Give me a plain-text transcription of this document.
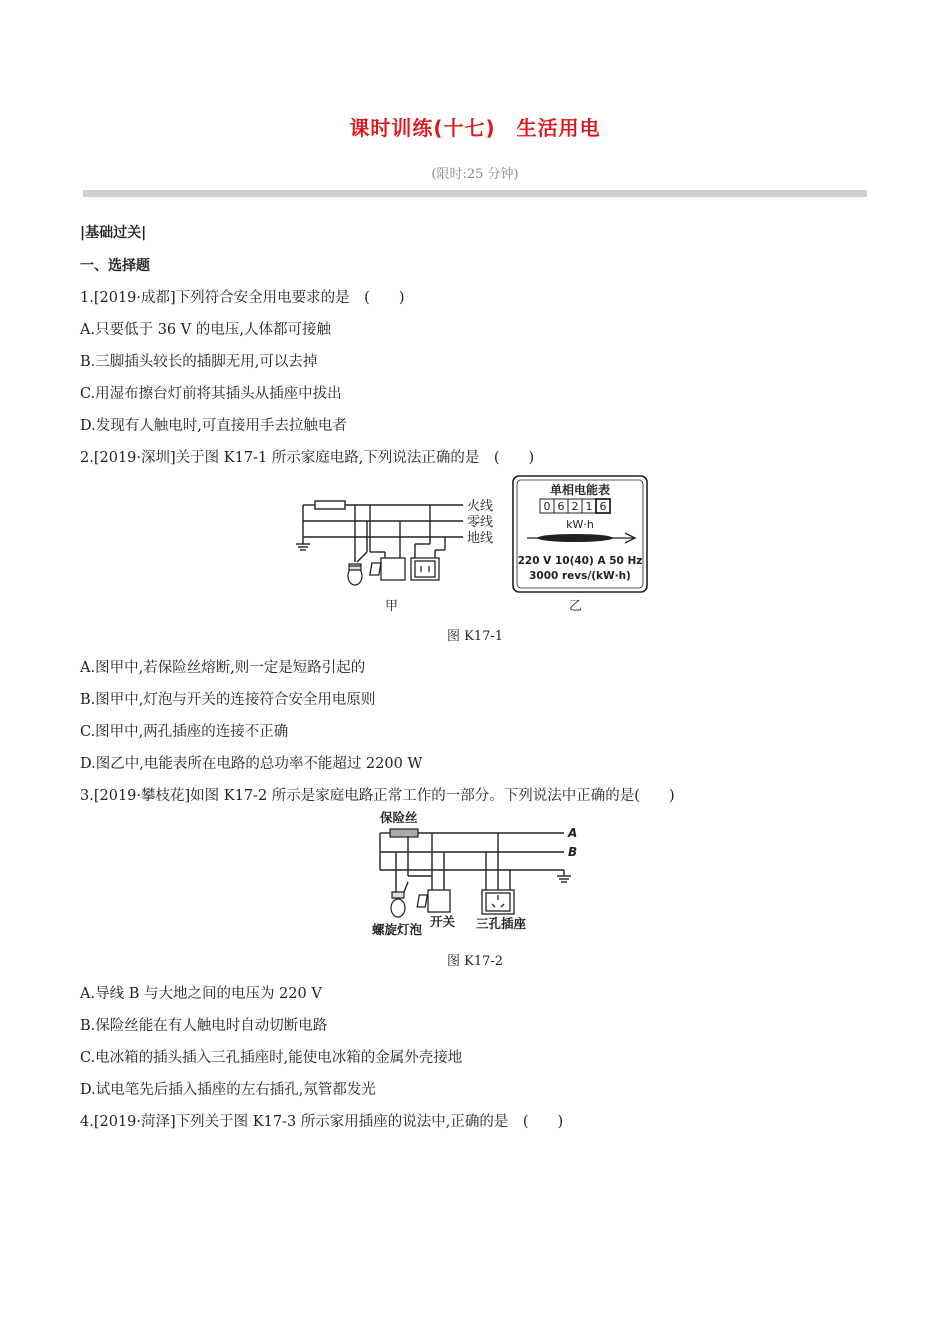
课时训练(十七)　生活用电
(限时:25 分钟)
|基础过关|
一、选择题
1.[2019·成都]下列符合安全用电要求的是　(　　)
A.只要低于 36 V 的电压,人体都可接触
B.三脚插头较长的插脚无用,可以去掉
C.用湿布擦台灯前将其插头从插座中拔出
D.发现有人触电时,可直接用手去拉触电者
2.[2019·深圳]关于图 K17-1 所示家庭电路,下列说法正确的是　(　　)
火线
零线
地线
甲
单相电能表
0 6 2 1 6
kW·h
220 V 10(40) A 50 Hz
3000 revs/(kW·h)
乙
图 K17-1
A.图甲中,若保险丝熔断,则一定是短路引起的
B.图甲中,灯泡与开关的连接符合安全用电原则
C.图甲中,两孔插座的连接不正确
D.图乙中,电能表所在电路的总功率不能超过 2200 W
3.[2019·攀枝花]如图 K17-2 所示是家庭电路正常工作的一部分。下列说法中正确的是(　　)
保险丝
A
B
螺旋灯泡
开关 三孔插座
图 K17-2
A.导线 B 与大地之间的电压为 220 V
B.保险丝能在有人触电时自动切断电路
C.电冰箱的插头插入三孔插座时,能使电冰箱的金属外壳接地
D.试电笔先后插入插座的左右插孔,氖管都发光
4.[2019·菏泽]下列关于图 K17-3 所示家用插座的说法中,正确的是　(　　)
